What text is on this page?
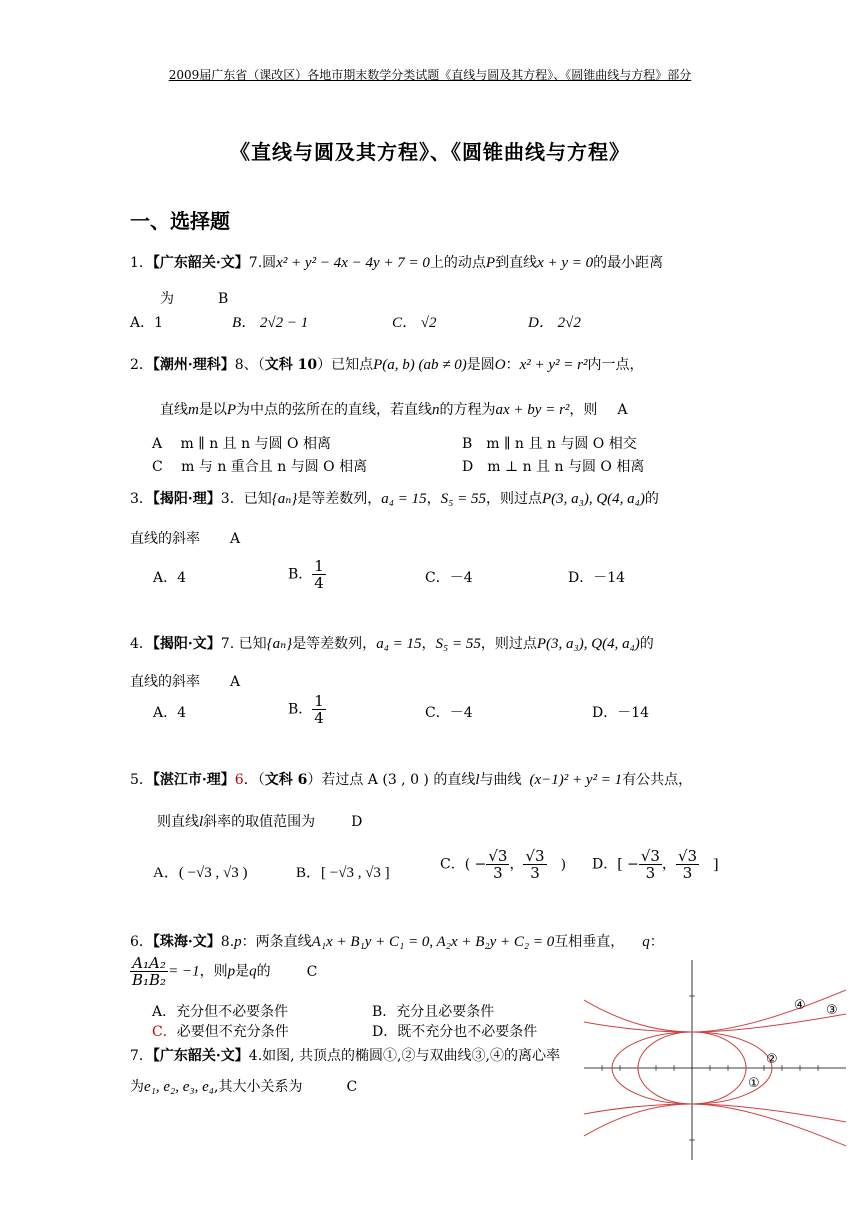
2009届广东省（课改区）各地市期末数学分类试题《直线与圆及其方程》、《圆锥曲线与方程》部分
《直线与圆及其方程》、《圆锥曲线与方程》
一、选择题
1．【广东韶关·文】7.圆x² + y² − 4x − 4y + 7 = 0上的动点P到直线x + y = 0的最小距离
为	B
A．1	B． 2√2 − 1	C． √2	D． 2√2
2．【潮州·理科】8、（文科 10）已知点P(a, b) (ab ≠ 0)是圆O：x² + y² = r²内一点，
直线m是以P为中点的弦所在的直线，若直线n的方程为ax + by = r²，则 A
A　 m ∥ n 且 n 与圆 O 相离	B　m ∥ n 且 n 与圆 O 相交
C　 m 与 n 重合且 n 与圆 O 相离	D　m ⊥ n 且 n 与圆 O 相离
3．【揭阳·理】3．已知{aₙ}是等差数列，a₄ = 15，S₅ = 55，则过点P(3, a₃), Q(4, a₄)的
直线的斜率 A
A．4	B． $\frac{1}{4}$	C．－4	D．－14
4．【揭阳·文】7. 已知{aₙ}是等差数列，a₄ = 15，S₅ = 55，则过点P(3, a₃), Q(4, a₄)的
直线的斜率 A
A．4	B． $\frac{1}{4}$	C．－4	D．－14
5．【湛江市·理】6．（文科 6）若过点 A (3 , 0 ) 的直线l与曲线 (x−1)² + y² = 1有公共点，
则直线l斜率的取值范围为	D
A．( −√3 , √3 )	B．[ −√3 , √3 ]
C．( − $\frac{√3}{3}$ ， $\frac{√3}{3}$ ) D．[ − $\frac{√3}{3}$ ， $\frac{√3}{3}$ ]
6．【珠海·文】8.p：两条直线A₁x + B₁y + C₁ = 0, A₂x + B₂y + C₂ = 0互相垂直， q：
$\frac{\text{A₁A₂}}{\text{B₁B₂}} = -1$，则p是q的	C
A．充分但不必要条件	B．充分且必要条件
C．必要但不充分条件	D．既不充分也不必要条件
7．【广东韶关·文】4.如图, 共顶点的椭圆①,②与双曲线③,④的离心率
为e₁, e₂, e₃, e₄,其大小关系为	C
④ ③
②
①
